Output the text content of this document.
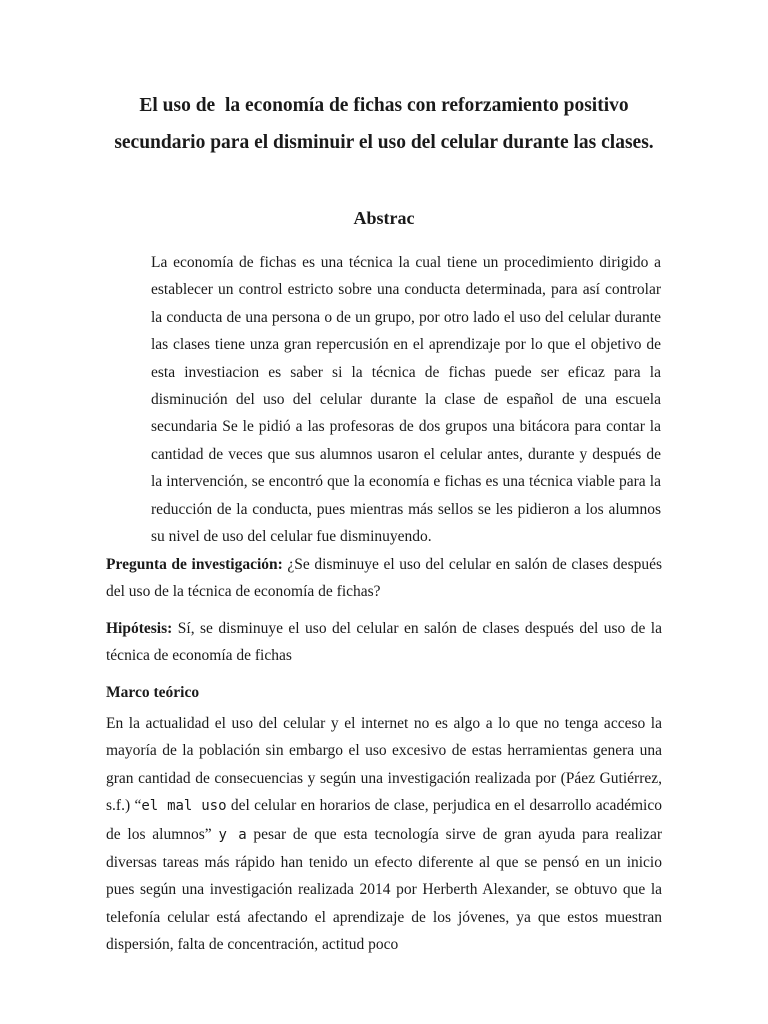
El uso de  la economía de fichas con reforzamiento positivo secundario para el disminuir el uso del celular durante las clases.
Abstrac

La economía de fichas es una técnica la cual tiene un procedimiento dirigido a establecer un control estricto sobre una conducta determinada, para así controlar la conducta de una persona o de un grupo, por otro lado el uso del celular durante las clases tiene unza gran repercusión en el aprendizaje por lo que el objetivo de esta investiacion es saber si la técnica de fichas puede ser eficaz para la disminución del uso del celular durante la clase de español de una escuela secundaria Se le pidió a las profesoras de dos grupos una bitácora para contar la cantidad de veces que sus alumnos usaron el celular antes, durante y después de la intervención, se encontró que la economía e fichas es una técnica viable para la reducción de la conducta, pues mientras más sellos se les pidieron a los alumnos su nivel de uso del celular fue disminuyendo.

Pregunta de investigación: ¿Se disminuye el uso del celular en salón de clases después del uso de la técnica de economía de fichas?

Hipótesis: Sí, se disminuye el uso del celular en salón de clases después del uso de la técnica de economía de fichas

Marco teórico

En la actualidad el uso del celular y el internet no es algo a lo que no tenga acceso la mayoría de la población sin embargo el uso excesivo de estas herramientas genera una gran cantidad de consecuencias y según una investigación realizada por (Páez Gutiérrez, s.f.) “el mal uso del celular en horarios de clase, perjudica en el desarrollo académico de los alumnos” y a pesar de que esta tecnología sirve de gran ayuda para realizar diversas tareas más rápido han tenido un efecto diferente al que se pensó en un inicio pues según una investigación realizada 2014 por Herberth Alexander, se obtuvo que la telefonía celular está afectando el aprendizaje de los jóvenes, ya que estos muestran dispersión, falta de concentración, actitud poco
